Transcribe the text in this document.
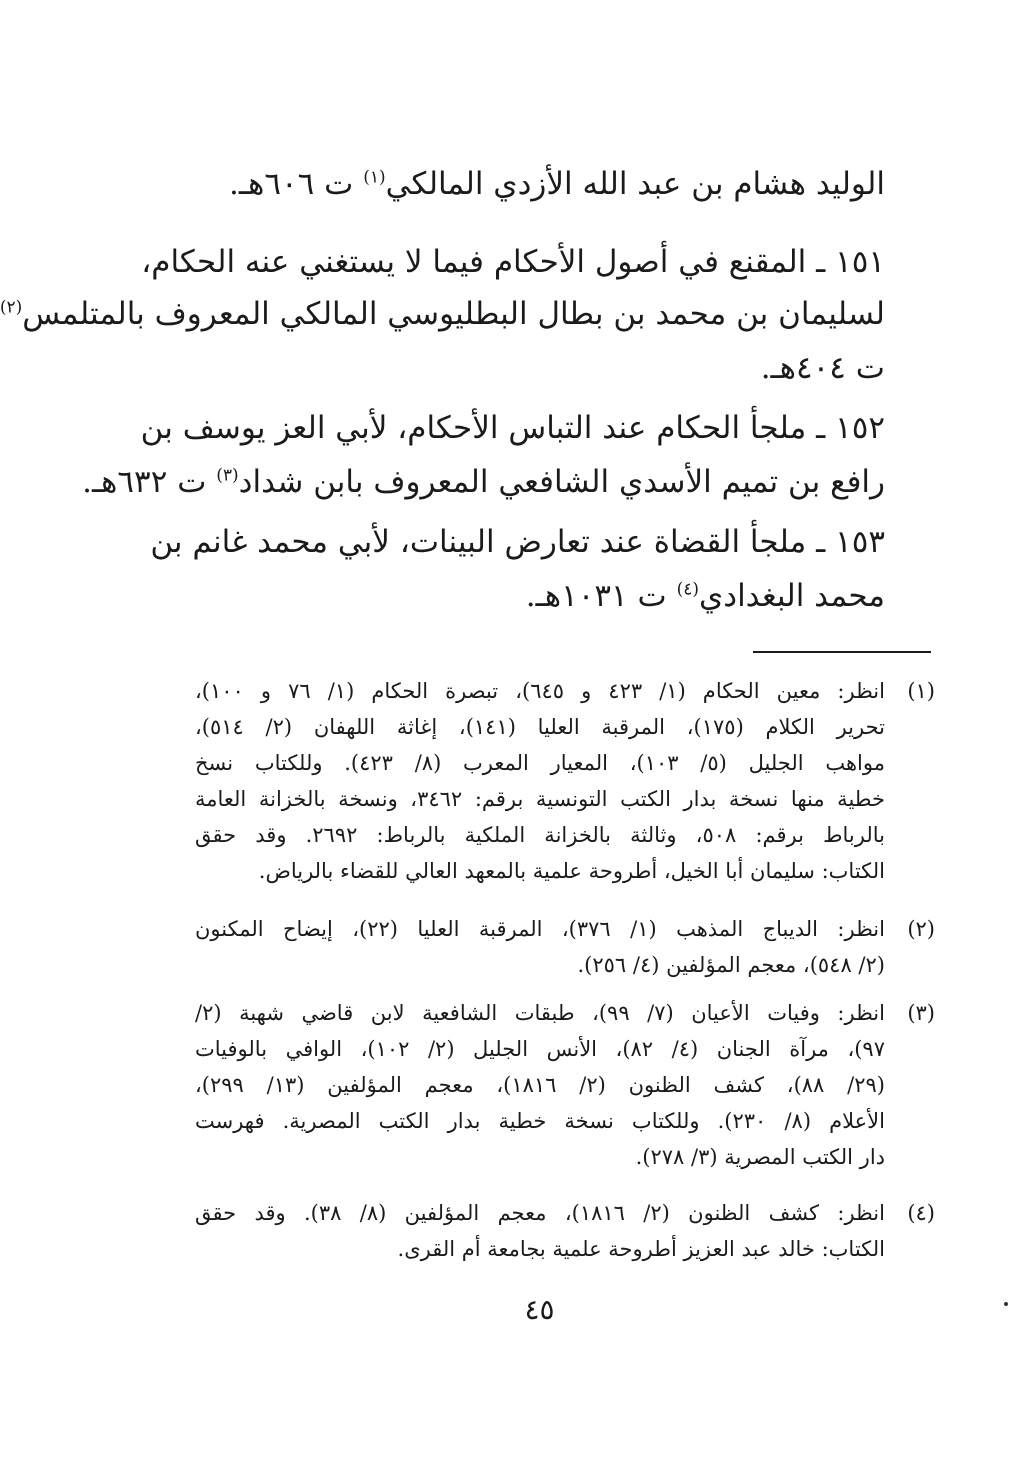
الوليد هشام بن عبد الله الأزدي المالكي$^{(١)}$ ت ٦٠٦هـ.
١٥١ ـ المقنع في أصول الأحكام فيما لا يستغني عنه الحكام،
لسليمان بن محمد بن بطال البطليوسي المالكي المعروف بالمتلمس$^{(٢)}$
ت ٤٠٤هـ.
١٥٢ ـ ملجأ الحكام عند التباس الأحكام، لأبي العز يوسف بن
رافع بن تميم الأسدي الشافعي المعروف بابن شداد$^{(٣)}$ ت ٦٣٢هـ.
١٥٣ ـ ملجأ القضاة عند تعارض البينات، لأبي محمد غانم بن
محمد البغدادي$^{(٤)}$ ت ١٠٣١هـ.
(١)
انظر: معين الحكام (١/ ٤٢٣ و ٦٤٥)، تبصرة الحكام (١/ ٧٦ و ١٠٠)،
تحرير الكلام (١٧٥)، المرقبة العليا (١٤١)، إغاثة اللهفان (٢/ ٥١٤)،
مواهب الجليل (٥/ ١٠٣)، المعيار المعرب (٨/ ٤٢٣). وللكتاب نسخ
خطية منها نسخة بدار الكتب التونسية برقم: ٣٤٦٢، ونسخة بالخزانة العامة
بالرباط برقم: ٥٠٨، وثالثة بالخزانة الملكية بالرباط: ٢٦٩٢. وقد حقق
الكتاب: سليمان أبا الخيل، أطروحة علمية بالمعهد العالي للقضاء بالرياض.
(٢)
انظر: الديباج المذهب (١/ ٣٧٦)، المرقبة العليا (٢٢)، إيضاح المكنون
(٢/ ٥٤٨)، معجم المؤلفين (٤/ ٢٥٦).
(٣)
انظر: وفيات الأعيان (٧/ ٩٩)، طبقات الشافعية لابن قاضي شهبة (٢/
٩٧)، مرآة الجنان (٤/ ٨٢)، الأنس الجليل (٢/ ١٠٢)، الوافي بالوفيات
(٢٩/ ٨٨)، كشف الظنون (٢/ ١٨١٦)، معجم المؤلفين (١٣/ ٢٩٩)،
الأعلام (٨/ ٢٣٠). وللكتاب نسخة خطية بدار الكتب المصرية. فهرست
دار الكتب المصرية (٣/ ٢٧٨).
(٤)
انظر: كشف الظنون (٢/ ١٨١٦)، معجم المؤلفين (٨/ ٣٨). وقد حقق
الكتاب: خالد عبد العزيز أطروحة علمية بجامعة أم القرى.
٤٥
